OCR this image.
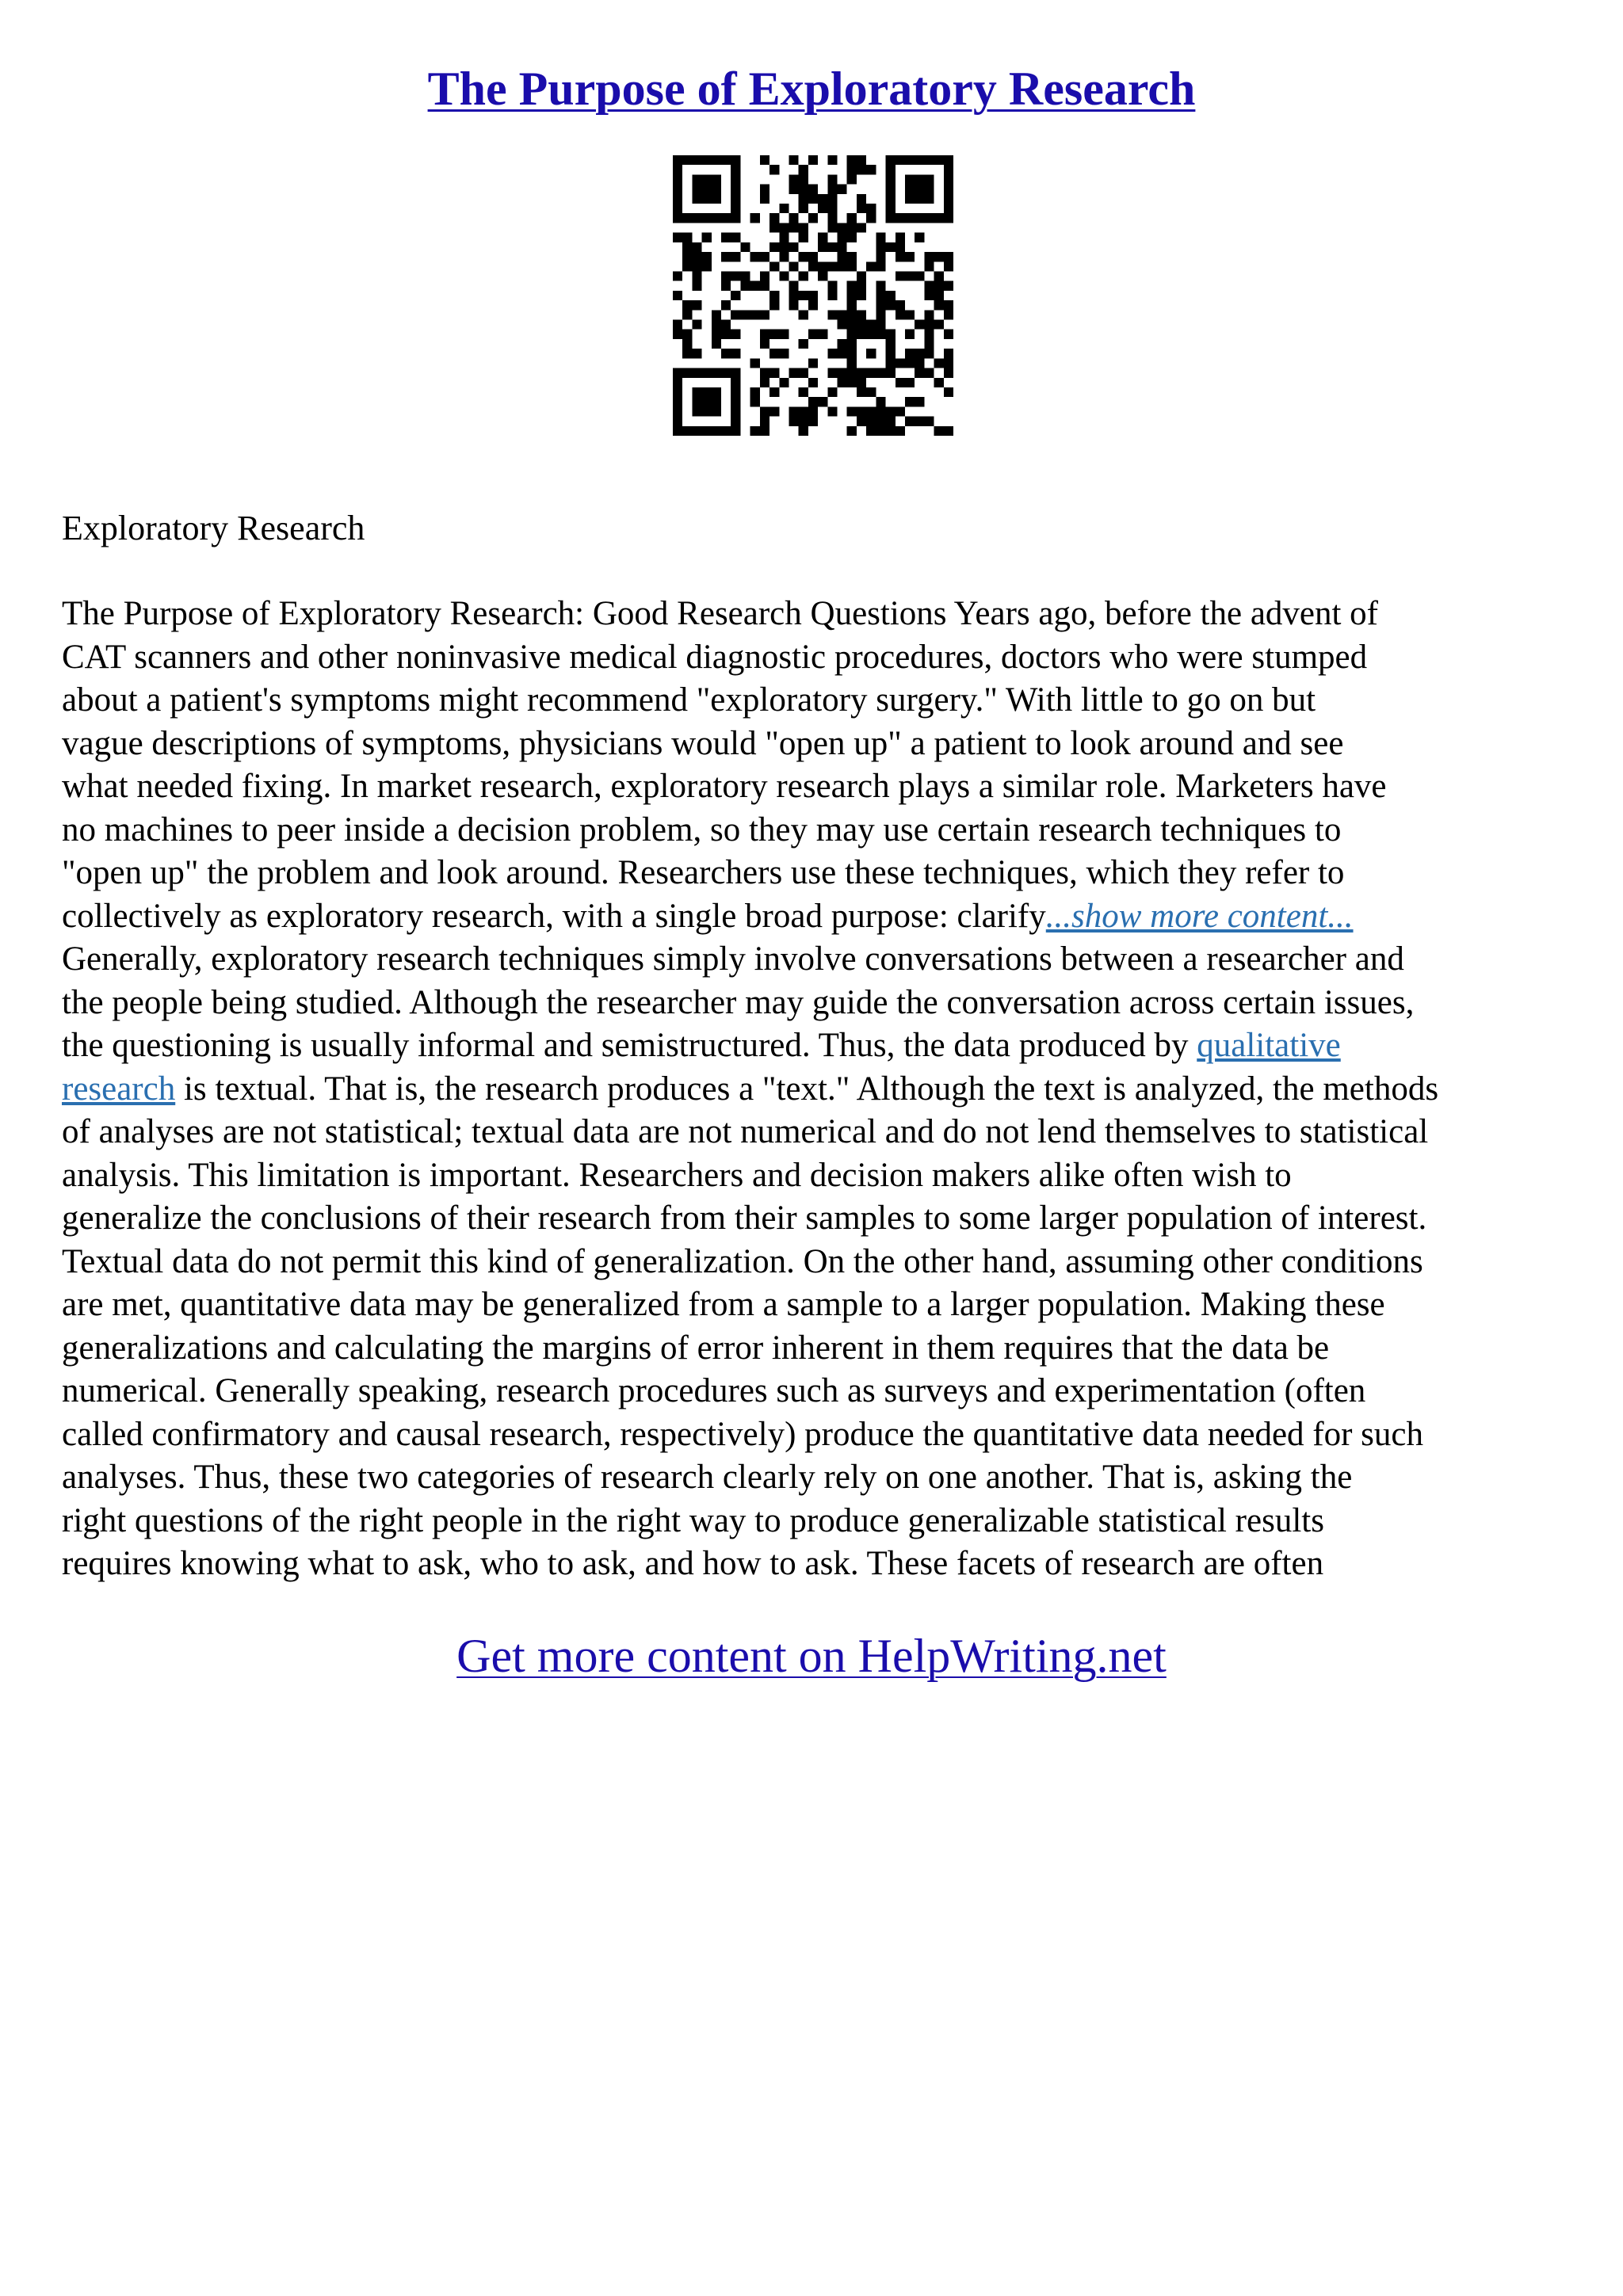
The Purpose of Exploratory Research
Exploratory Research
The Purpose of Exploratory Research: Good Research Questions Years ago, before the advent of
CAT scanners and other noninvasive medical diagnostic procedures, doctors who were stumped
about a patient's symptoms might recommend "exploratory surgery." With little to go on but
vague descriptions of symptoms, physicians would "open up" a patient to look around and see
what needed fixing. In market research, exploratory research plays a similar role. Marketers have
no machines to peer inside a decision problem, so they may use certain research techniques to
"open up" the problem and look around. Researchers use these techniques, which they refer to
collectively as exploratory research, with a single broad purpose: clarify...show more content...
Generally, exploratory research techniques simply involve conversations between a researcher and
the people being studied. Although the researcher may guide the conversation across certain issues,
the questioning is usually informal and semistructured. Thus, the data produced by qualitative
research is textual. That is, the research produces a "text." Although the text is analyzed, the methods
of analyses are not statistical; textual data are not numerical and do not lend themselves to statistical
analysis. This limitation is important. Researchers and decision makers alike often wish to
generalize the conclusions of their research from their samples to some larger population of interest.
Textual data do not permit this kind of generalization. On the other hand, assuming other conditions
are met, quantitative data may be generalized from a sample to a larger population. Making these
generalizations and calculating the margins of error inherent in them requires that the data be
numerical. Generally speaking, research procedures such as surveys and experimentation (often
called confirmatory and causal research, respectively) produce the quantitative data needed for such
analyses. Thus, these two categories of research clearly rely on one another. That is, asking the
right questions of the right people in the right way to produce generalizable statistical results
requires knowing what to ask, who to ask, and how to ask. These facets of research are often
Get more content on HelpWriting.net
